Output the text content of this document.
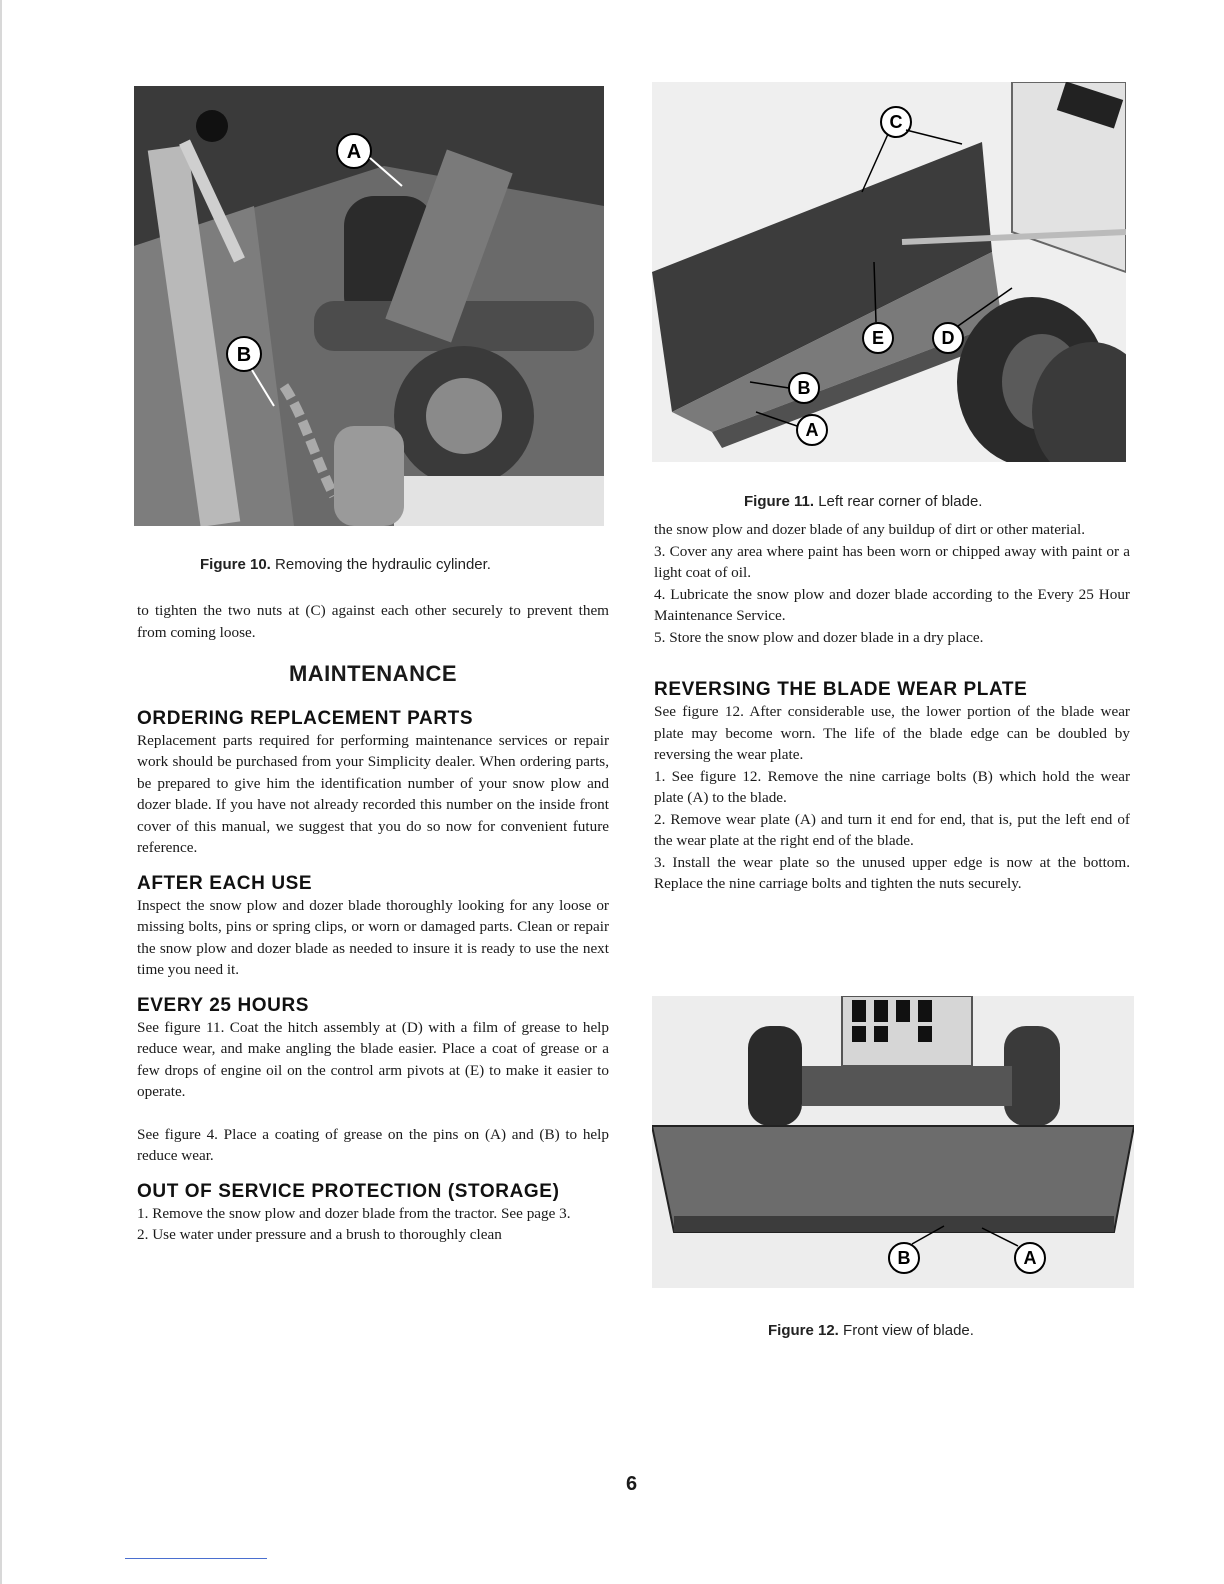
A
B
Figure 10. Removing the hydraulic cylinder.
C
E	D
B
A
Figure 11. Left rear corner of blade.
B	A
Figure 12. Front view of blade.

to tighten the two nuts at (C) against each other securely to prevent them from coming loose.

MAINTENANCE
ORDERING REPLACEMENT PARTS

Replacement parts required for performing maintenance services or repair work should be purchased from your Simplicity dealer. When ordering parts, be prepared to give him the identification number of your snow plow and dozer blade. If you have not already recorded this number on the inside front cover of this manual, we suggest that you do so now for convenient future reference.

AFTER EACH USE

Inspect the snow plow and dozer blade thoroughly looking for any loose or missing bolts, pins or spring clips, or worn or damaged parts. Clean or repair the snow plow and dozer blade as needed to insure it is ready to use the next time you need it.

EVERY 25 HOURS

See figure 11. Coat the hitch assembly at (D) with a film of grease to help reduce wear, and make angling the blade easier. Place a coat of grease or a few drops of engine oil on the control arm pivots at (E) to make it easier to operate.

See figure 4. Place a coating of grease on the pins on (A) and (B) to help reduce wear.

OUT OF SERVICE PROTECTION (STORAGE)

1. Remove the snow plow and dozer blade from the tractor. See page 3.

2. Use water under pressure and a brush to thoroughly clean

the snow plow and dozer blade of any buildup of dirt or other material.

3. Cover any area where paint has been worn or chipped away with paint or a light coat of oil.

4. Lubricate the snow plow and dozer blade according to the Every 25 Hour Maintenance Service.

5. Store the snow plow and dozer blade in a dry place.

REVERSING THE BLADE WEAR PLATE

See figure 12. After considerable use, the lower portion of the blade wear plate may become worn. The life of the blade edge can be doubled by reversing the wear plate.

1. See figure 12. Remove the nine carriage bolts (B) which hold the wear plate (A) to the blade.

2. Remove wear plate (A) and turn it end for end, that is, put the left end of the wear plate at the right end of the blade.

3. Install the wear plate so the unused upper edge is now at the bottom. Replace the nine carriage bolts and tighten the nuts securely.

6
